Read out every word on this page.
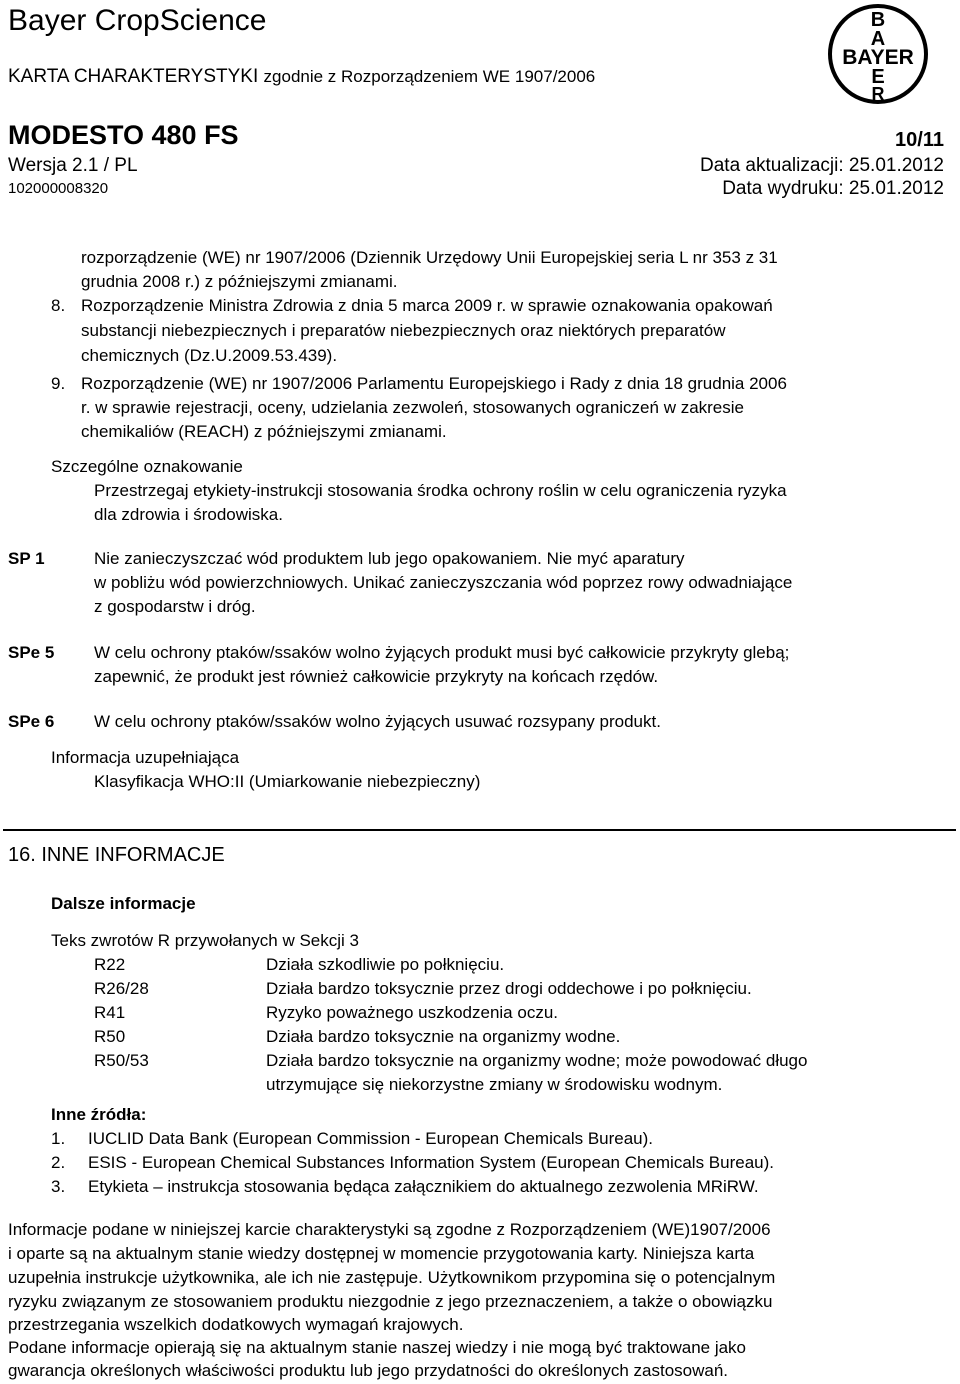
Bayer CropScience
KARTA CHARAKTERYSTYKI zgodnie z Rozporządzeniem WE 1907/2006
B
A
BAYER
E
R
MODESTO 480 FS	10/11
Wersja 2.1 / PL	Data aktualizacji: 25.01.2012
102000008320	Data wydruku: 25.01.2012
rozporządzenie (WE) nr 1907/2006 (Dziennik Urzędowy Unii Europejskiej seria L nr 353 z 31
grudnia 2008 r.) z późniejszymi zmianami.
8. Rozporządzenie Ministra Zdrowia z dnia 5 marca 2009 r. w sprawie oznakowania opakowań
substancji niebezpiecznych i preparatów niebezpiecznych oraz niektórych preparatów
chemicznych (Dz.U.2009.53.439).
9. Rozporządzenie (WE) nr 1907/2006 Parlamentu Europejskiego i Rady z dnia 18 grudnia 2006
r. w sprawie rejestracji, oceny, udzielania zezwoleń, stosowanych ograniczeń w zakresie
chemikaliów (REACH) z późniejszymi zmianami.
Szczególne oznakowanie
Przestrzegaj etykiety-instrukcji stosowania środka ochrony roślin w celu ograniczenia ryzyka
dla zdrowia i środowiska.
SP 1	Nie zanieczyszczać wód produktem lub jego opakowaniem. Nie myć aparatury
w pobliżu wód powierzchniowych. Unikać zanieczyszczania wód poprzez rowy odwadniające
z gospodarstw i dróg.
SPe 5 W celu ochrony ptaków/ssaków wolno żyjących produkt musi być całkowicie przykryty glebą;
zapewnić, że produkt jest również całkowicie przykryty na końcach rzędów.
SPe 6 W celu ochrony ptaków/ssaków wolno żyjących usuwać rozsypany produkt.
Informacja uzupełniająca
Klasyfikacja WHO:II (Umiarkowanie niebezpieczny)
16. INNE INFORMACJE
Dalsze informacje
Teks zwrotów R przywołanych w Sekcji 3
R22	Działa szkodliwie po połknięciu.
R26/28	Działa bardzo toksycznie przez drogi oddechowe i po połknięciu.
R41	Ryzyko poważnego uszkodzenia oczu.
R50	Działa bardzo toksycznie na organizmy wodne.
R50/53	Działa bardzo toksycznie na organizmy wodne; może powodować długo
utrzymujące się niekorzystne zmiany w środowisku wodnym.
Inne źródła:
1. IUCLID Data Bank (European Commission - European Chemicals Bureau).
2. ESIS - European Chemical Substances Information System (European Chemicals Bureau).
3. Etykieta – instrukcja stosowania będąca załącznikiem do aktualnego zezwolenia MRiRW.
Informacje podane w niniejszej karcie charakterystyki są zgodne z Rozporządzeniem (WE)1907/2006
i oparte są na aktualnym stanie wiedzy dostępnej w momencie przygotowania karty. Niniejsza karta
uzupełnia instrukcje użytkownika, ale ich nie zastępuje. Użytkownikom przypomina się o potencjalnym
ryzyku związanym ze stosowaniem produktu niezgodnie z jego przeznaczeniem, a także o obowiązku
przestrzegania wszelkich dodatkowych wymagań krajowych.
Podane informacje opierają się na aktualnym stanie naszej wiedzy i nie mogą być traktowane jako
gwarancja określonych właściwości produktu lub jego przydatności do określonych zastosowań.
